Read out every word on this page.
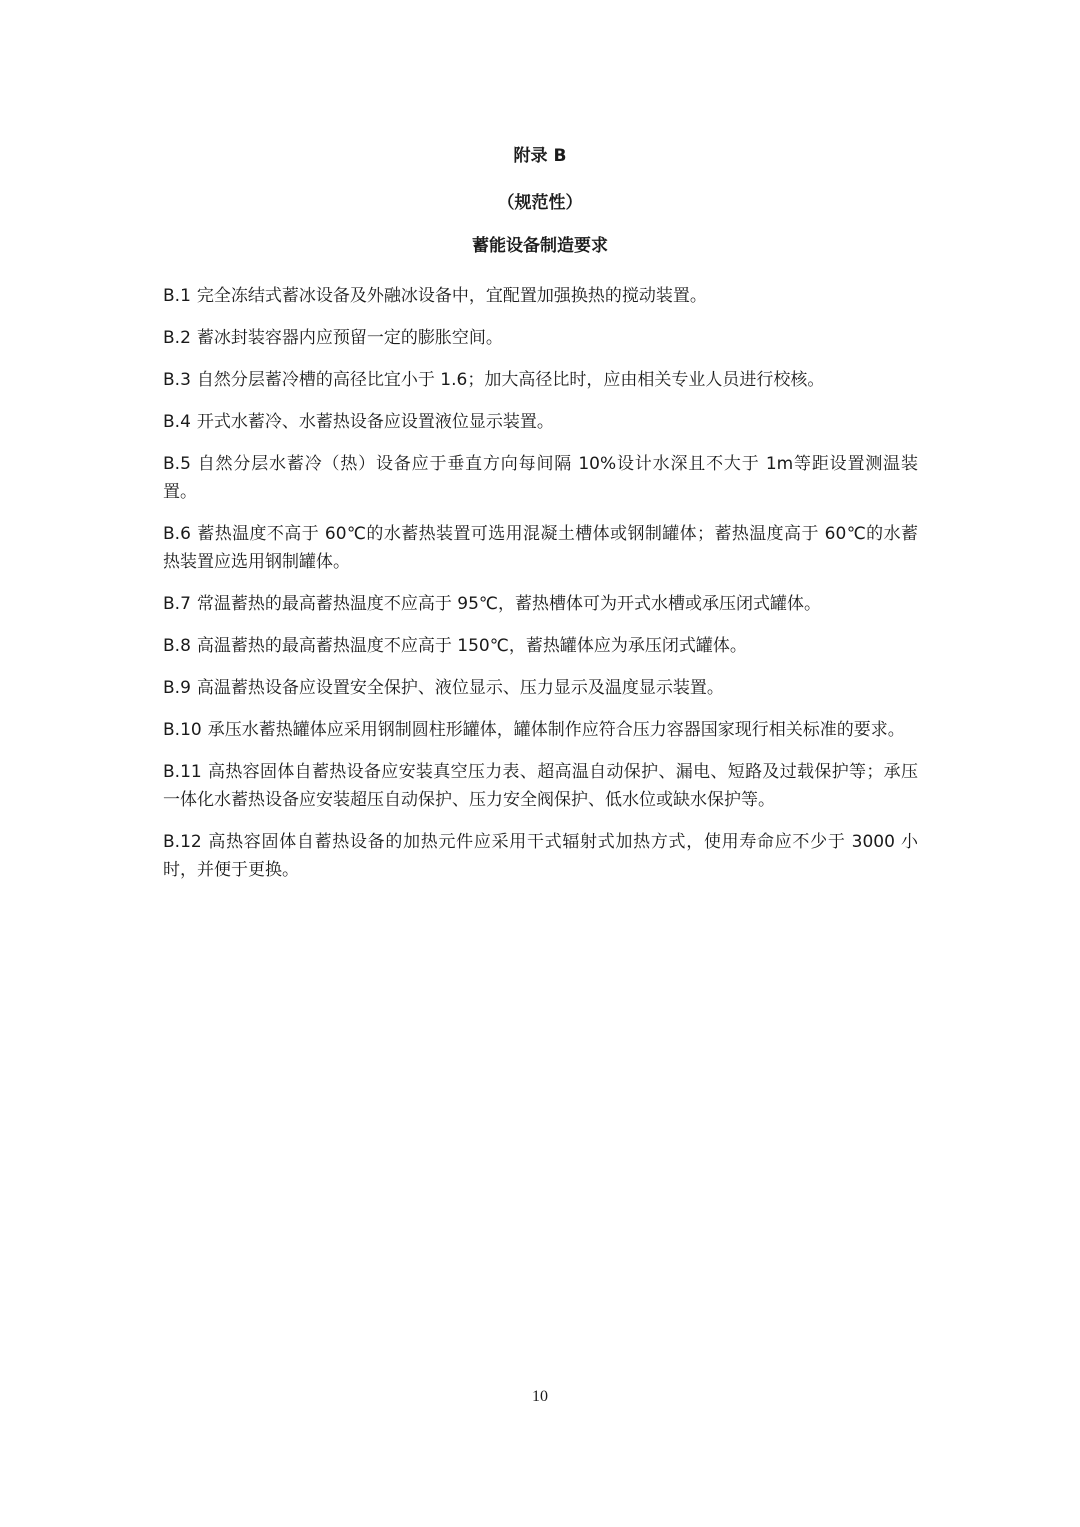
附录 B
（规范性）
蓄能设备制造要求

B.1 完全冻结式蓄冰设备及外融冰设备中，宜配置加强换热的搅动装置。

B.2 蓄冰封装容器内应预留一定的膨胀空间。

B.3 自然分层蓄冷槽的高径比宜小于 1.6；加大高径比时，应由相关专业人员进行校核。

B.4 开式水蓄冷、水蓄热设备应设置液位显示装置。

B.5 自然分层水蓄冷（热）设备应于垂直方向每间隔 10%设计水深且不大于 1m等距设置测温装置。

B.6 蓄热温度不高于 60℃的水蓄热装置可选用混凝土槽体或钢制罐体；蓄热温度高于 60℃的水蓄热装置应选用钢制罐体。

B.7 常温蓄热的最高蓄热温度不应高于 95℃，蓄热槽体可为开式水槽或承压闭式罐体。

B.8 高温蓄热的最高蓄热温度不应高于 150℃，蓄热罐体应为承压闭式罐体。

B.9 高温蓄热设备应设置安全保护、液位显示、压力显示及温度显示装置。

B.10 承压水蓄热罐体应采用钢制圆柱形罐体，罐体制作应符合压力容器国家现行相关标准的要求。

B.11 高热容固体自蓄热设备应安装真空压力表、超高温自动保护、漏电、短路及过载保护等；承压一体化水蓄热设备应安装超压自动保护、压力安全阀保护、低水位或缺水保护等。

B.12 高热容固体自蓄热设备的加热元件应采用干式辐射式加热方式，使用寿命应不少于 3000 小时，并便于更换。

10
